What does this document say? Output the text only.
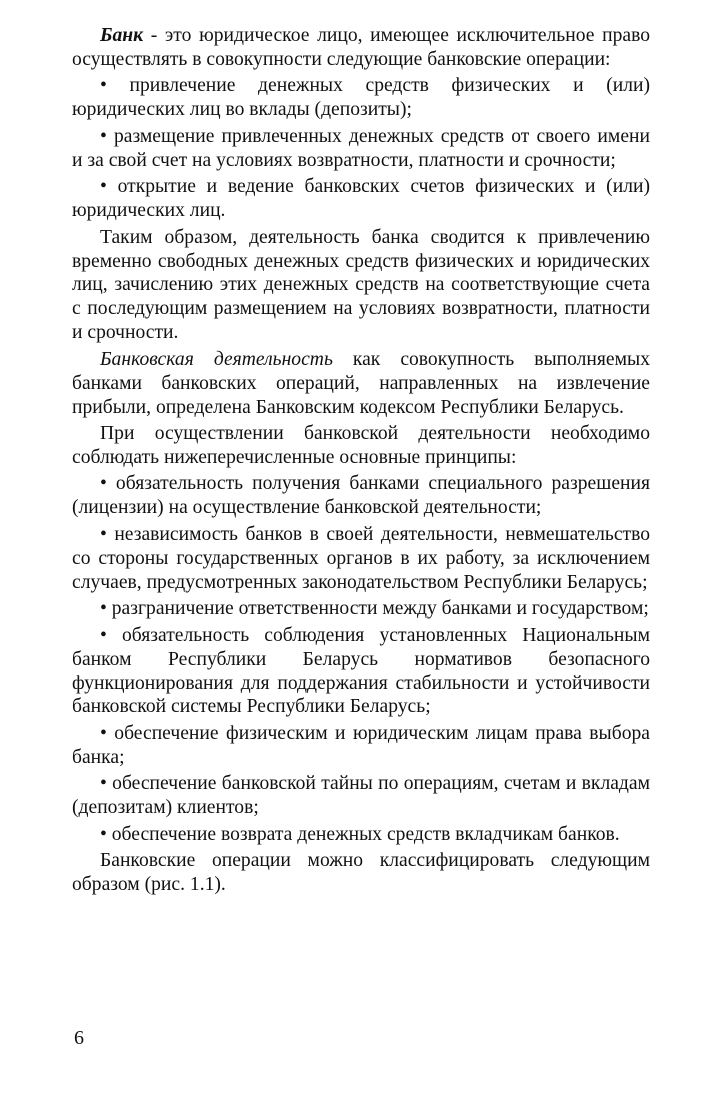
Банк - это юридическое лицо, имеющее исключительное право осуществлять в совокупности следующие банковские операции:

• привлечение денежных средств физических и (или) юридических лиц во вклады (депозиты);

• размещение привлеченных денежных средств от своего имени и за свой счет на условиях возвратности, платности и срочности;

• открытие и ведение банковских счетов физических и (или) юридических лиц.

Таким образом, деятельность банка сводится к привлечению временно свободных денежных средств физических и юридических лиц, зачислению этих денежных средств на соответствующие счета с последующим размещением на условиях возвратности, платности и срочности.

Банковская деятельность как совокупность выполняемых банками банковских операций, направленных на извлечение прибыли, определена Банковским кодексом Республики Беларусь.

При осуществлении банковской деятельности необходимо соблюдать нижеперечисленные основные принципы:

• обязательность получения банками специального разрешения (лицензии) на осуществление банковской деятельности;

• независимость банков в своей деятельности, невмешательство со стороны государственных органов в их работу, за исключением случаев, предусмотренных законодательством Республики Беларусь;

• разграничение ответственности между банками и государством;

• обязательность соблюдения установленных Национальным банком Республики Беларусь нормативов безопасного функционирования для поддержания стабильности и устойчивости банковской системы Республики Беларусь;

• обеспечение физическим и юридическим лицам права выбора банка;

• обеспечение банковской тайны по операциям, счетам и вкладам (депозитам) клиентов;

• обеспечение возврата денежных средств вкладчикам банков.

Банковские операции можно классифицировать следующим образом (рис. 1.1).

6
